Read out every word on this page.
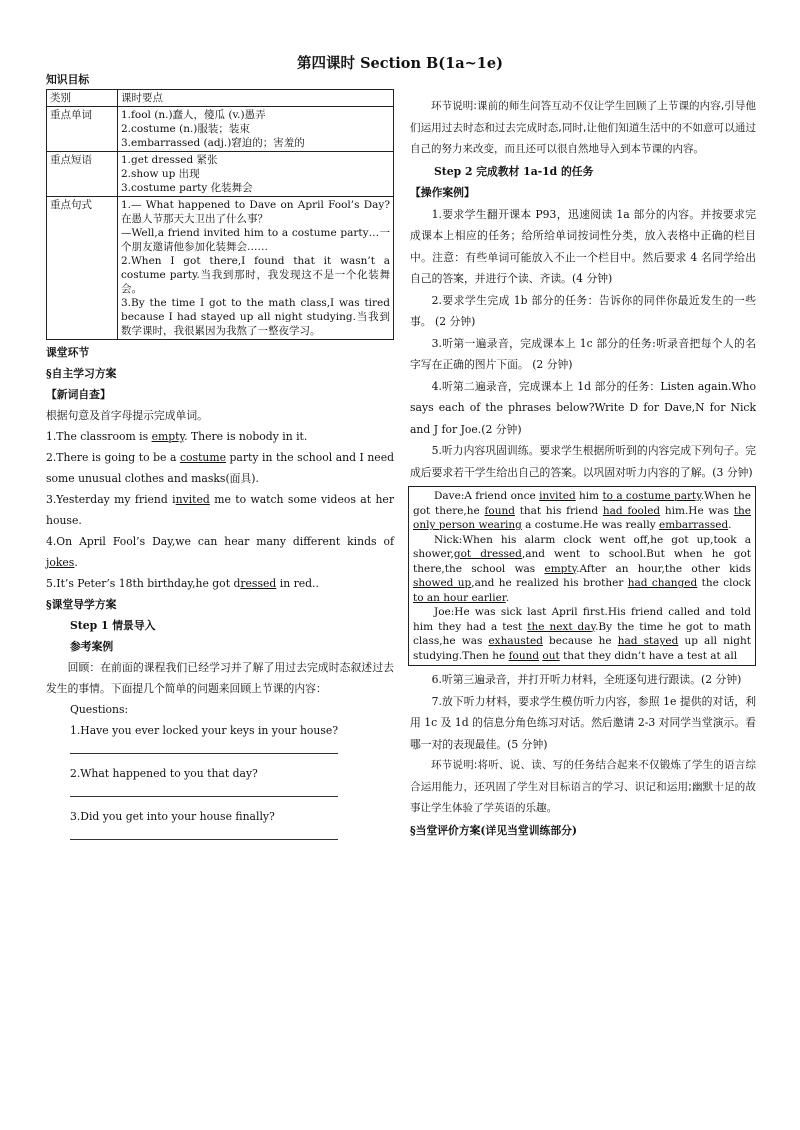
第四课时 Section B(1a~1e)
知识目标
类别	课时要点
重点单词	1.fool (n.)蠢人，傻瓜 (v.)愚弄
2.costume (n.)服装；装束
3.embarrassed (adj.)窘迫的；害羞的

重点短语	1.get dressed 紧张
2.show up 出现
3.costume party 化装舞会

重点句式	1.— What happened to Dave on April Fool’s Day?在愚人节那天大卫出了什么事？
—Well,a friend invited him to a costume party…一个朋友邀请他参加化装舞会……
2.When I got there,I found that it wasn’t a costume party.当我到那时，我发现这不是一个化装舞会。
3.By the time I got to the math class,I was tired because I had stayed up all night studying.当我到数学课时，我很累因为我熬了一整夜学习。
课堂环节
§自主学习方案
【新词自查】

根据句意及首字母提示完成单词。

1.The classroom is empty. There is nobody in it.

2.There is going to be a costume party in the school and I need some unusual clothes and masks(面具).

3.Yesterday my friend invited me to watch some videos at her house.

4.On April Fool’s Day,we can hear many different kinds of jokes.

5.It’s Peter’s 18th birthday,he got dressed in red..

§课堂导学方案
Step 1 情景导入
参考案例

回顾：在前面的课程我们已经学习并了解了用过去完成时态叙述过去发生的事情。下面提几个简单的问题来回顾上节课的内容：

Questions:
1.Have you ever locked your keys in your house?
2.What happened to you that day?
3.Did you get into your house finally?

环节说明:课前的师生问答互动不仅让学生回顾了上节课的内容,引导他们运用过去时态和过去完成时态,同时,让他们知道生活中的不如意可以通过自己的努力来改变，而且还可以很自然地导入到本节课的内容。

Step 2 完成教材 1a-1d 的任务
【操作案例】

1.要求学生翻开课本 P93，迅速阅读 1a 部分的内容。并按要求完成课本上相应的任务；给所给单词按词性分类，放入表格中正确的栏目中。注意：有些单词可能放入不止一个栏目中。然后要求 4 名同学给出自己的答案，并进行个读、齐读。(4 分钟)

2.要求学生完成 1b 部分的任务：告诉你的同伴你最近发生的一些事。 (2 分钟)

3.听第一遍录音，完成课本上 1c 部分的任务:听录音把每个人的名字写在正确的图片下面。 (2 分钟)

4.听第二遍录音，完成课本上 1d 部分的任务：Listen again.Who says each of the phrases below?Write D for Dave,N for Nick and J for Joe.(2 分钟)

5.听力内容巩固训练。要求学生根据所听到的内容完成下列句子。完成后要求若干学生给出自己的答案。以巩固对听力内容的了解。(3 分钟)

Dave:A friend once invited him to a costume party.When he got there,he found that his friend had fooled him.He was the only person wearing a costume.He was really embarrassed.

Nick:When his alarm clock went off,he got up,took a shower,got dressed,and went to school.But when he got there,the school was empty.After an hour,the other kids showed up,and he realized his brother had changed the clock to an hour earlier.

Joe:He was sick last April first.His friend called and told him they had a test the next day.By the time he got to math class,he was exhausted because he had stayed up all night studying.Then he found out that they didn’t have a test at all

6.听第三遍录音，并打开听力材料，全班逐句进行跟读。(2 分钟)

7.放下听力材料，要求学生模仿听力内容，参照 1e 提供的对话，利用 1c 及 1d 的信息分角色练习对话。然后邀请 2-3 对同学当堂演示。看哪一对的表现最佳。(5 分钟)

环节说明:将听、说、读、写的任务结合起来不仅锻炼了学生的语言综合运用能力，还巩固了学生对目标语言的学习、识记和运用;幽默十足的故事让学生体验了学英语的乐趣。

§当堂评价方案(详见当堂训练部分)
